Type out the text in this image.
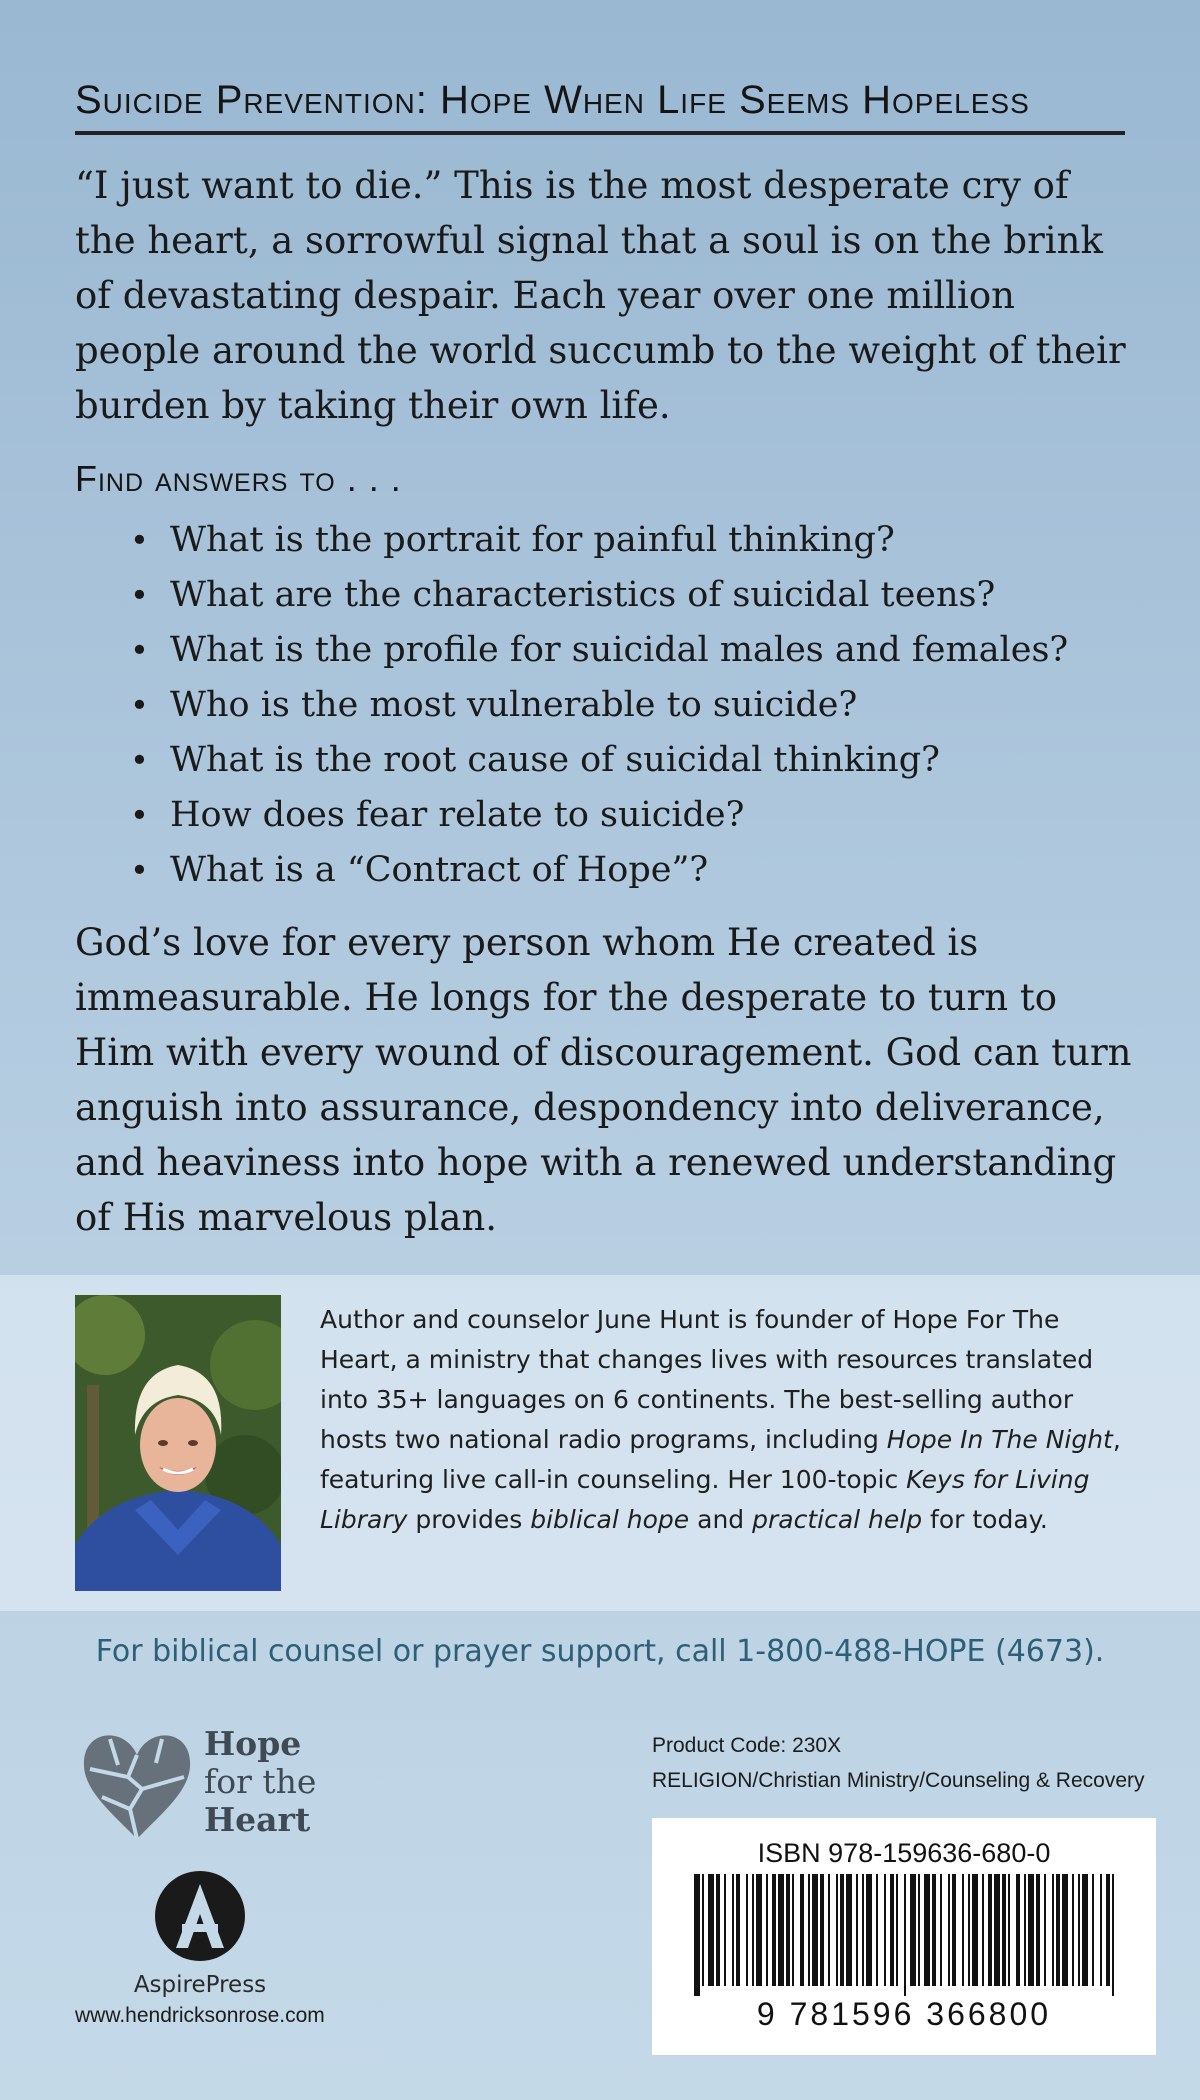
Suicide Prevention: Hope When Life Seems Hopeless
“I just want to die.” This is the most desperate cry of the heart, a sorrowful signal that a soul is on the brink of devastating despair. Each year over one million people around the world succumb to the weight of their burden by taking their own life.
Find answers to . . .
• What is the portrait for painful thinking?
• What are the characteristics of suicidal teens?
• What is the profile for suicidal males and females?
• Who is the most vulnerable to suicide?
• What is the root cause of suicidal thinking?
• How does fear relate to suicide?
• What is a “Contract of Hope”?
God’s love for every person whom He created is immeasurable. He longs for the desperate to turn to Him with every wound of discouragement. God can turn anguish into assurance, despondency into deliverance, and heaviness into hope with a renewed understanding of His marvelous plan.
Author and counselor June Hunt is founder of Hope For The Heart, a ministry that changes lives with resources translated into 35+ languages on 6 continents. The best-selling author hosts two national radio programs, including Hope In The Night, featuring live call-in counseling. Her 100-topic Keys for Living Library provides biblical hope and practical help for today.
For biblical counsel or prayer support, call 1-800-488-HOPE (4673).
Hope
for the
Heart
AspirePress
www.hendricksonrose.com
Product Code: 230X
RELIGION/Christian Ministry/Counseling & Recovery
ISBN 978-159636-680-0
9 781596 366800
